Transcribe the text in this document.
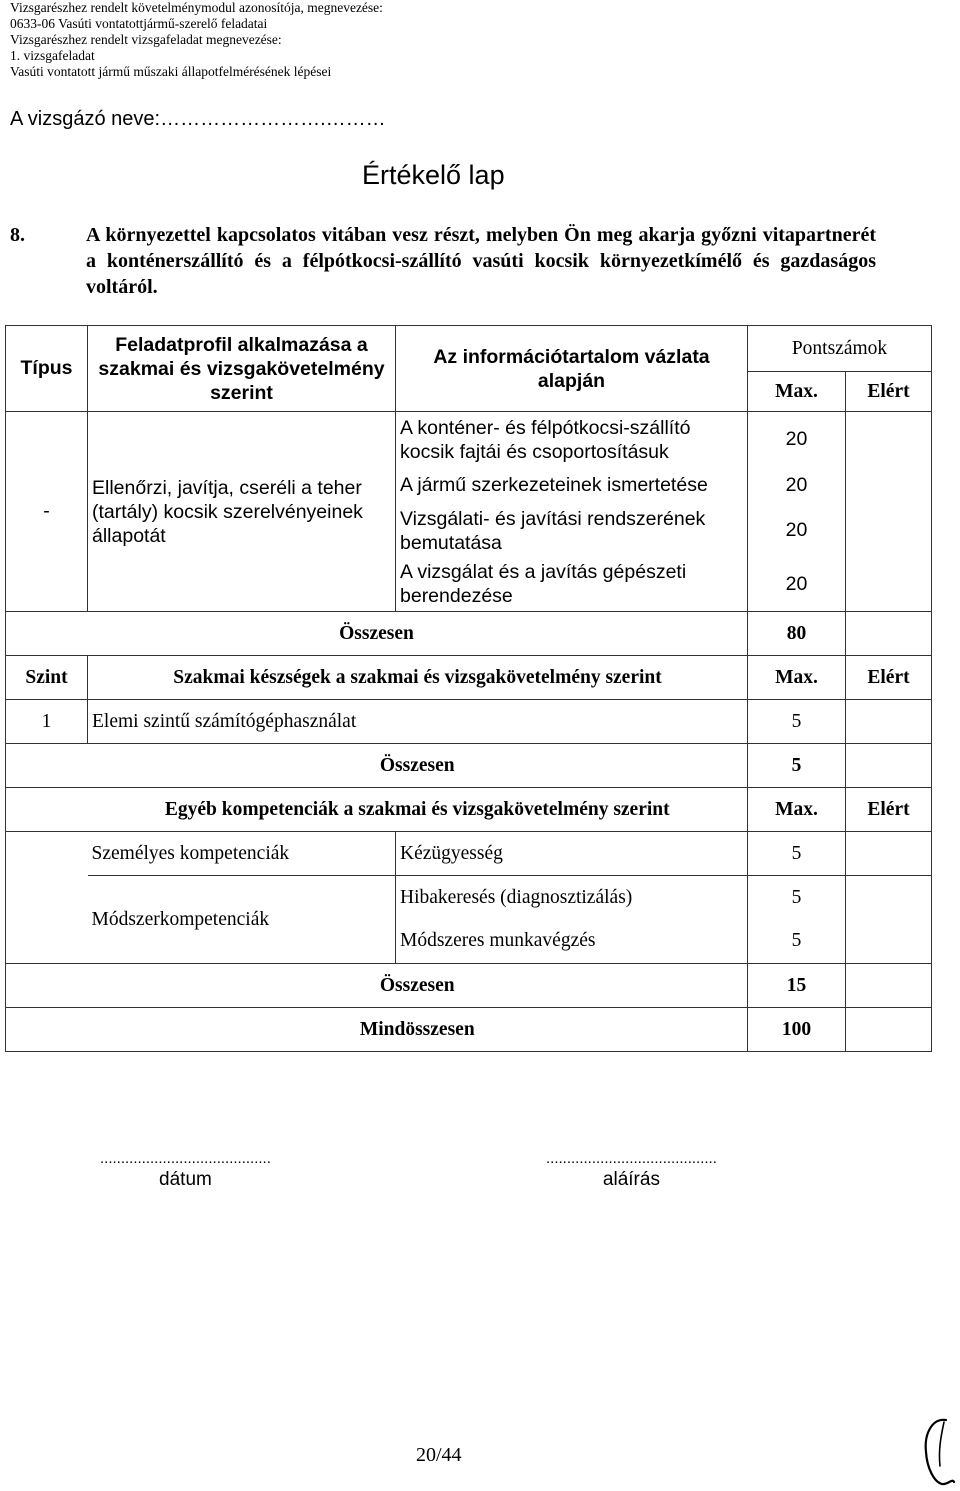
Vizsgarészhez rendelt követelménymodul azonosítója, megnevezése:
0633-06 Vasúti vontatottjármű-szerelő feladatai
Vizsgarészhez rendelt vizsgafeladat megnevezése:
1. vizsgafeladat
Vasúti vontatott jármű műszaki állapotfelmérésének lépései
A vizsgázó neve:…………………….………
Értékelő lap
8.	A környezettel kapcsolatos vitában vesz részt, melyben Ön meg akarja győzni vitapartnerét a konténerszállító és a félpótkocsi-szállító vasúti kocsik környezetkímélő és gazdaságos voltáról.
Típus	Feladatprofil alkalmazása a szakmai és vizsgakövetelmény szerint	Az információtartalom vázlata alapján	Pontszámok	
			Max.	Elért
-	Ellenőrzi, javítja, cseréli a teher (tartály) kocsik szerelvényeinek állapotát	A konténer- és félpótkocsi-szállító kocsik fajtái és csoportosításuk	20	
		A jármű szerkezeteinek ismertetése	20	
		Vizsgálati- és javítási rendszerének bemutatása	20	
		A vizsgálat és a javítás gépészeti berendezése	20	
Összesen			80	
Szint	Szakmai készségek a szakmai és vizsgakövetelmény szerint		Max.	Elért
1	Elemi szintű számítógéphasználat		5	
	Összesen		5	
	Egyéb kompetenciák a szakmai és vizsgakövetelmény szerint		Max.	Elért
	Személyes kompetenciák	Kézügyesség	5	
	Módszerkompetenciák	Hibakeresés (diagnosztizálás)	5	
		Módszeres munkavégzés	5	
	Összesen		15	
	Mindösszesen		100	
.........................................
dátum
.........................................
aláírás
20/44
